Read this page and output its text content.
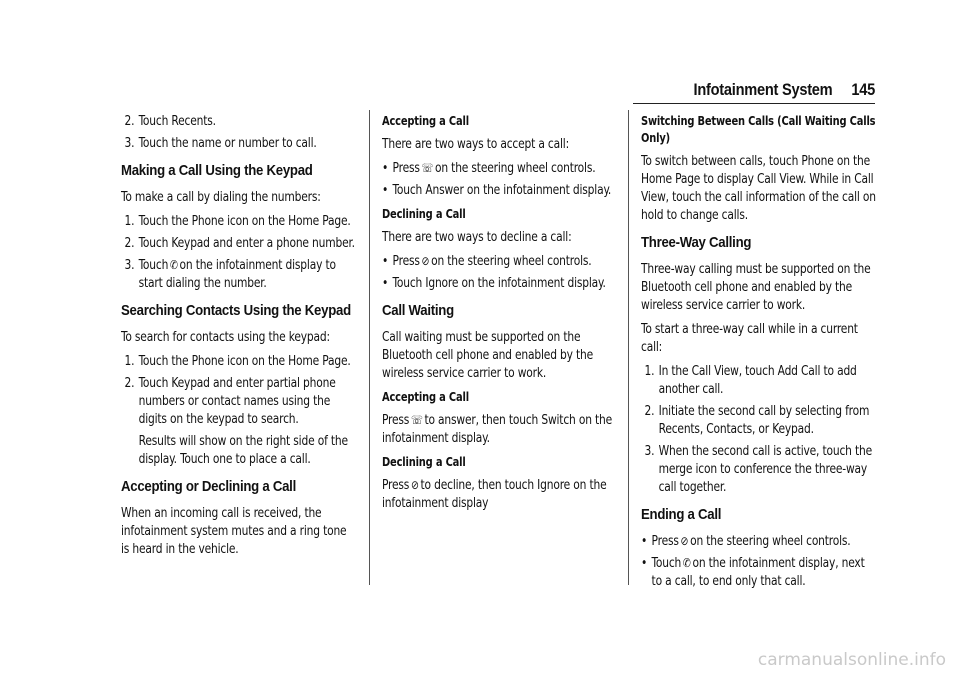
Infotainment System 145
2. Touch Recents.
3. Touch the name or number to call.
Making a Call Using the Keypad

To make a call by dialing the numbers:

1. Touch the Phone icon on the Home Page.
2. Touch Keypad and enter a phone number.
3. Touch ✆ on the infotainment display to start dialing the number.
Searching Contacts Using the Keypad

To search for contacts using the keypad:

1. Touch the Phone icon on the Home Page.
2. Touch Keypad and enter partial phone numbers or contact names using the digits on the keypad to search.

Results will show on the right side of the display. Touch one to place a call.

Accepting or Declining a Call

When an incoming call is received, the infotainment system mutes and a ring tone is heard in the vehicle.

Accepting a Call

There are two ways to accept a call:

• Press ☏ on the steering wheel controls.
• Touch Answer on the infotainment display.
Declining a Call

There are two ways to decline a call:

• Press ⊘ on the steering wheel controls.
• Touch Ignore on the infotainment display.
Call Waiting

Call waiting must be supported on the Bluetooth cell phone and enabled by the wireless service carrier to work.

Accepting a Call

Press ☏ to answer, then touch Switch on the infotainment display.

Declining a Call

Press ⊘ to decline, then touch Ignore on the infotainment display

Switching Between Calls (Call Waiting Calls Only)

To switch between calls, touch Phone on the Home Page to display Call View. While in Call View, touch the call information of the call on hold to change calls.

Three-Way Calling

Three-way calling must be supported on the Bluetooth cell phone and enabled by the wireless service carrier to work.

To start a three-way call while in a current call:

1. In the Call View, touch Add Call to add another call.
2. Initiate the second call by selecting from Recents, Contacts, or Keypad.
3. When the second call is active, touch the merge icon to conference the three-way call together.
Ending a Call
• Press ⊘ on the steering wheel controls.
• Touch ✆ on the infotainment display, next to a call, to end only that call.
carmanualsonline.info
